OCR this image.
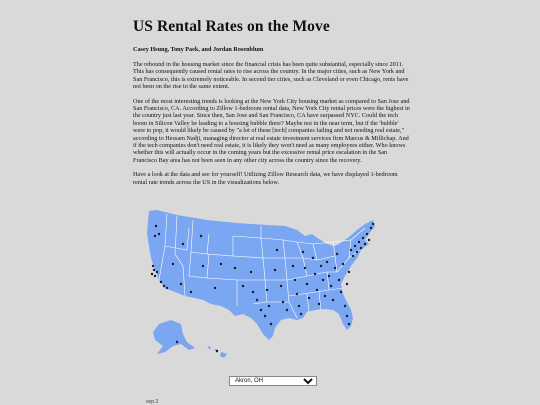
US Rental Rates on the Move

Casey Hsung, Tony Paek, and Jordan Rosenblum

The rebound in the housing market since the financial crisis has been quite substantial, especially since 2011. This has consequently caused rental rates to rise across the country. In the major cities, such as New York and San Francisco, this is extremely noticeable. In second tier cities, such as Cleveland or even Chicago, rents have not been on the rise to the same extent.

One of the most interesting trends is looking at the New York City housing market as compared to San Jose and San Francisco, CA. According to Zillow 1-bedroom rental data, New York City rental prices were the highest in the country just last year. Since then, San Jose and San Francisco, CA have surpassed NYC. Could the tech boom in Silicon Valley be leading to a housing bubble there? Maybe not in the near term, but if the 'bubble' were to pop, it would likely be caused by "a lot of these [tech] companies failing and not needing real estate," according to Hessam Nadji, managing director at real estate investment services firm Marcus & Millichap. And if the tech companies don't need real estate, it is likely they won't need as many employees either. Who knows whether this will actually occur in the coming years but the excessive rental price escalation in the San Francisco Bay area has not been seen in any other city across the country since the recovery.

Have a look at the data and see for yourself! Utilizing Zillow Research data, we have displayed 1-bedroom rental rate trends across the US in the visualizations below.

Akron, OH
sep.3
